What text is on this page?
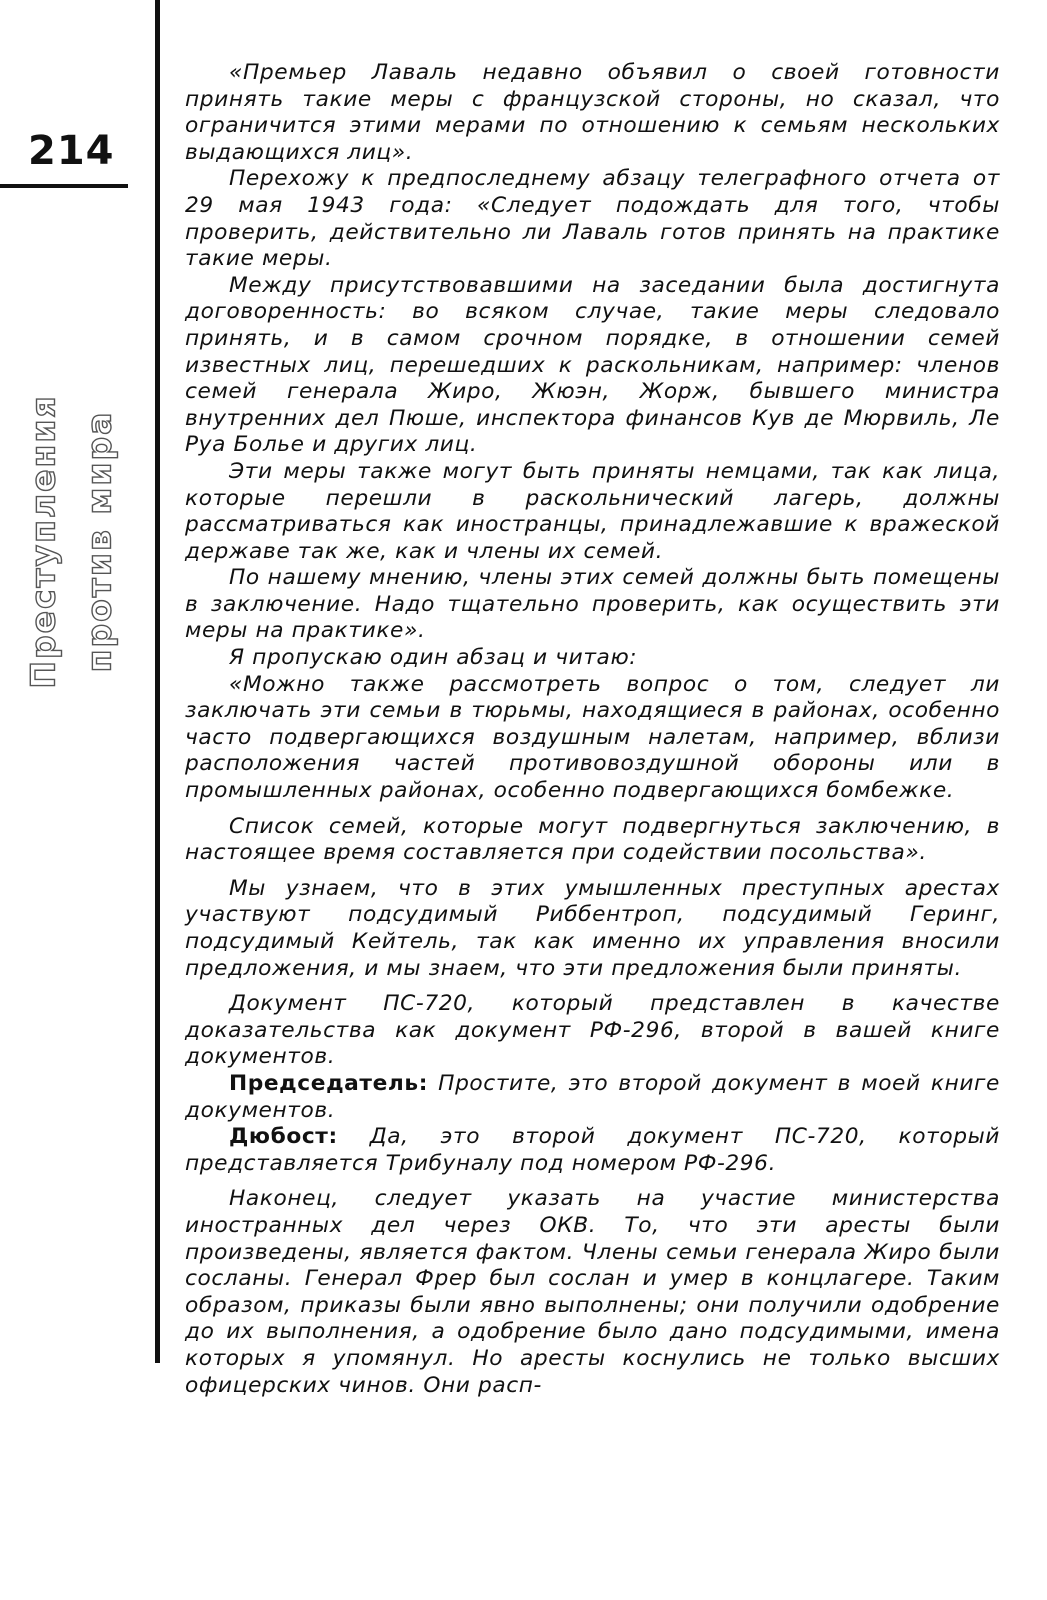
214
Преступления против мира

«Премьер Лаваль недавно объявил о своей готовности принять такие меры с французской стороны, но сказал, что ограничится этими мерами по отношению к семьям нескольких выдающихся лиц».

Перехожу к предпоследнему абзацу телеграфного отчета от 29 мая 1943 года: «Следует подождать для того, чтобы проверить, действительно ли Лаваль готов принять на практике такие меры.

Между присутствовавшими на заседании была достигнута договоренность: во всяком случае, такие меры следовало принять, и в самом срочном порядке, в отношении семей известных лиц, перешедших к раскольникам, например: членов семей генерала Жиро, Жюэн, Жорж, бывшего министра внутренних дел Пюше, инспектора финансов Кув де Мюрвиль, Ле Руа Болье и других лиц.

Эти меры также могут быть приняты немцами, так как лица, которые перешли в раскольнический лагерь, должны рассматриваться как иностранцы, принадлежавшие к вражеской державе так же, как и члены их семей.

По нашему мнению, члены этих семей должны быть помещены в заключение. Надо тщательно проверить, как осуществить эти меры на практике».

Я пропускаю один абзац и читаю:

«Можно также рассмотреть вопрос о том, следует ли заключать эти семьи в тюрьмы, находящиеся в районах, особенно часто подвергающихся воздушным налетам, например, вблизи расположения частей противовоздушной обороны или в промышленных районах, особенно подвергающихся бомбежке.

Список семей, которые могут подвергнуться заключению, в настоящее время составляется при содействии посольства».

Мы узнаем, что в этих умышленных преступных арестах участвуют подсудимый Риббентроп, подсудимый Геринг, подсудимый Кейтель, так как именно их управления вносили предложения, и мы знаем, что эти предложения были приняты.

Документ ПС-720, который представлен в качестве доказательства как документ РФ-296, второй в вашей книге документов.

Председатель: Простите, это второй документ в моей книге документов.

Дюбост: Да, это второй документ ПС-720, который представляется Трибуналу под номером РФ-296.

Наконец, следует указать на участие министерства иностранных дел через ОКВ. То, что эти аресты были произведены, является фактом. Члены семьи генерала Жиро были сосланы. Генерал Фрер был сослан и умер в концлагере. Таким образом, приказы были явно выполнены; они получили одобрение до их выполнения, а одобрение было дано подсудимыми, имена которых я упомянул. Но аресты коснулись не только высших офицерских чинов. Они расп-
